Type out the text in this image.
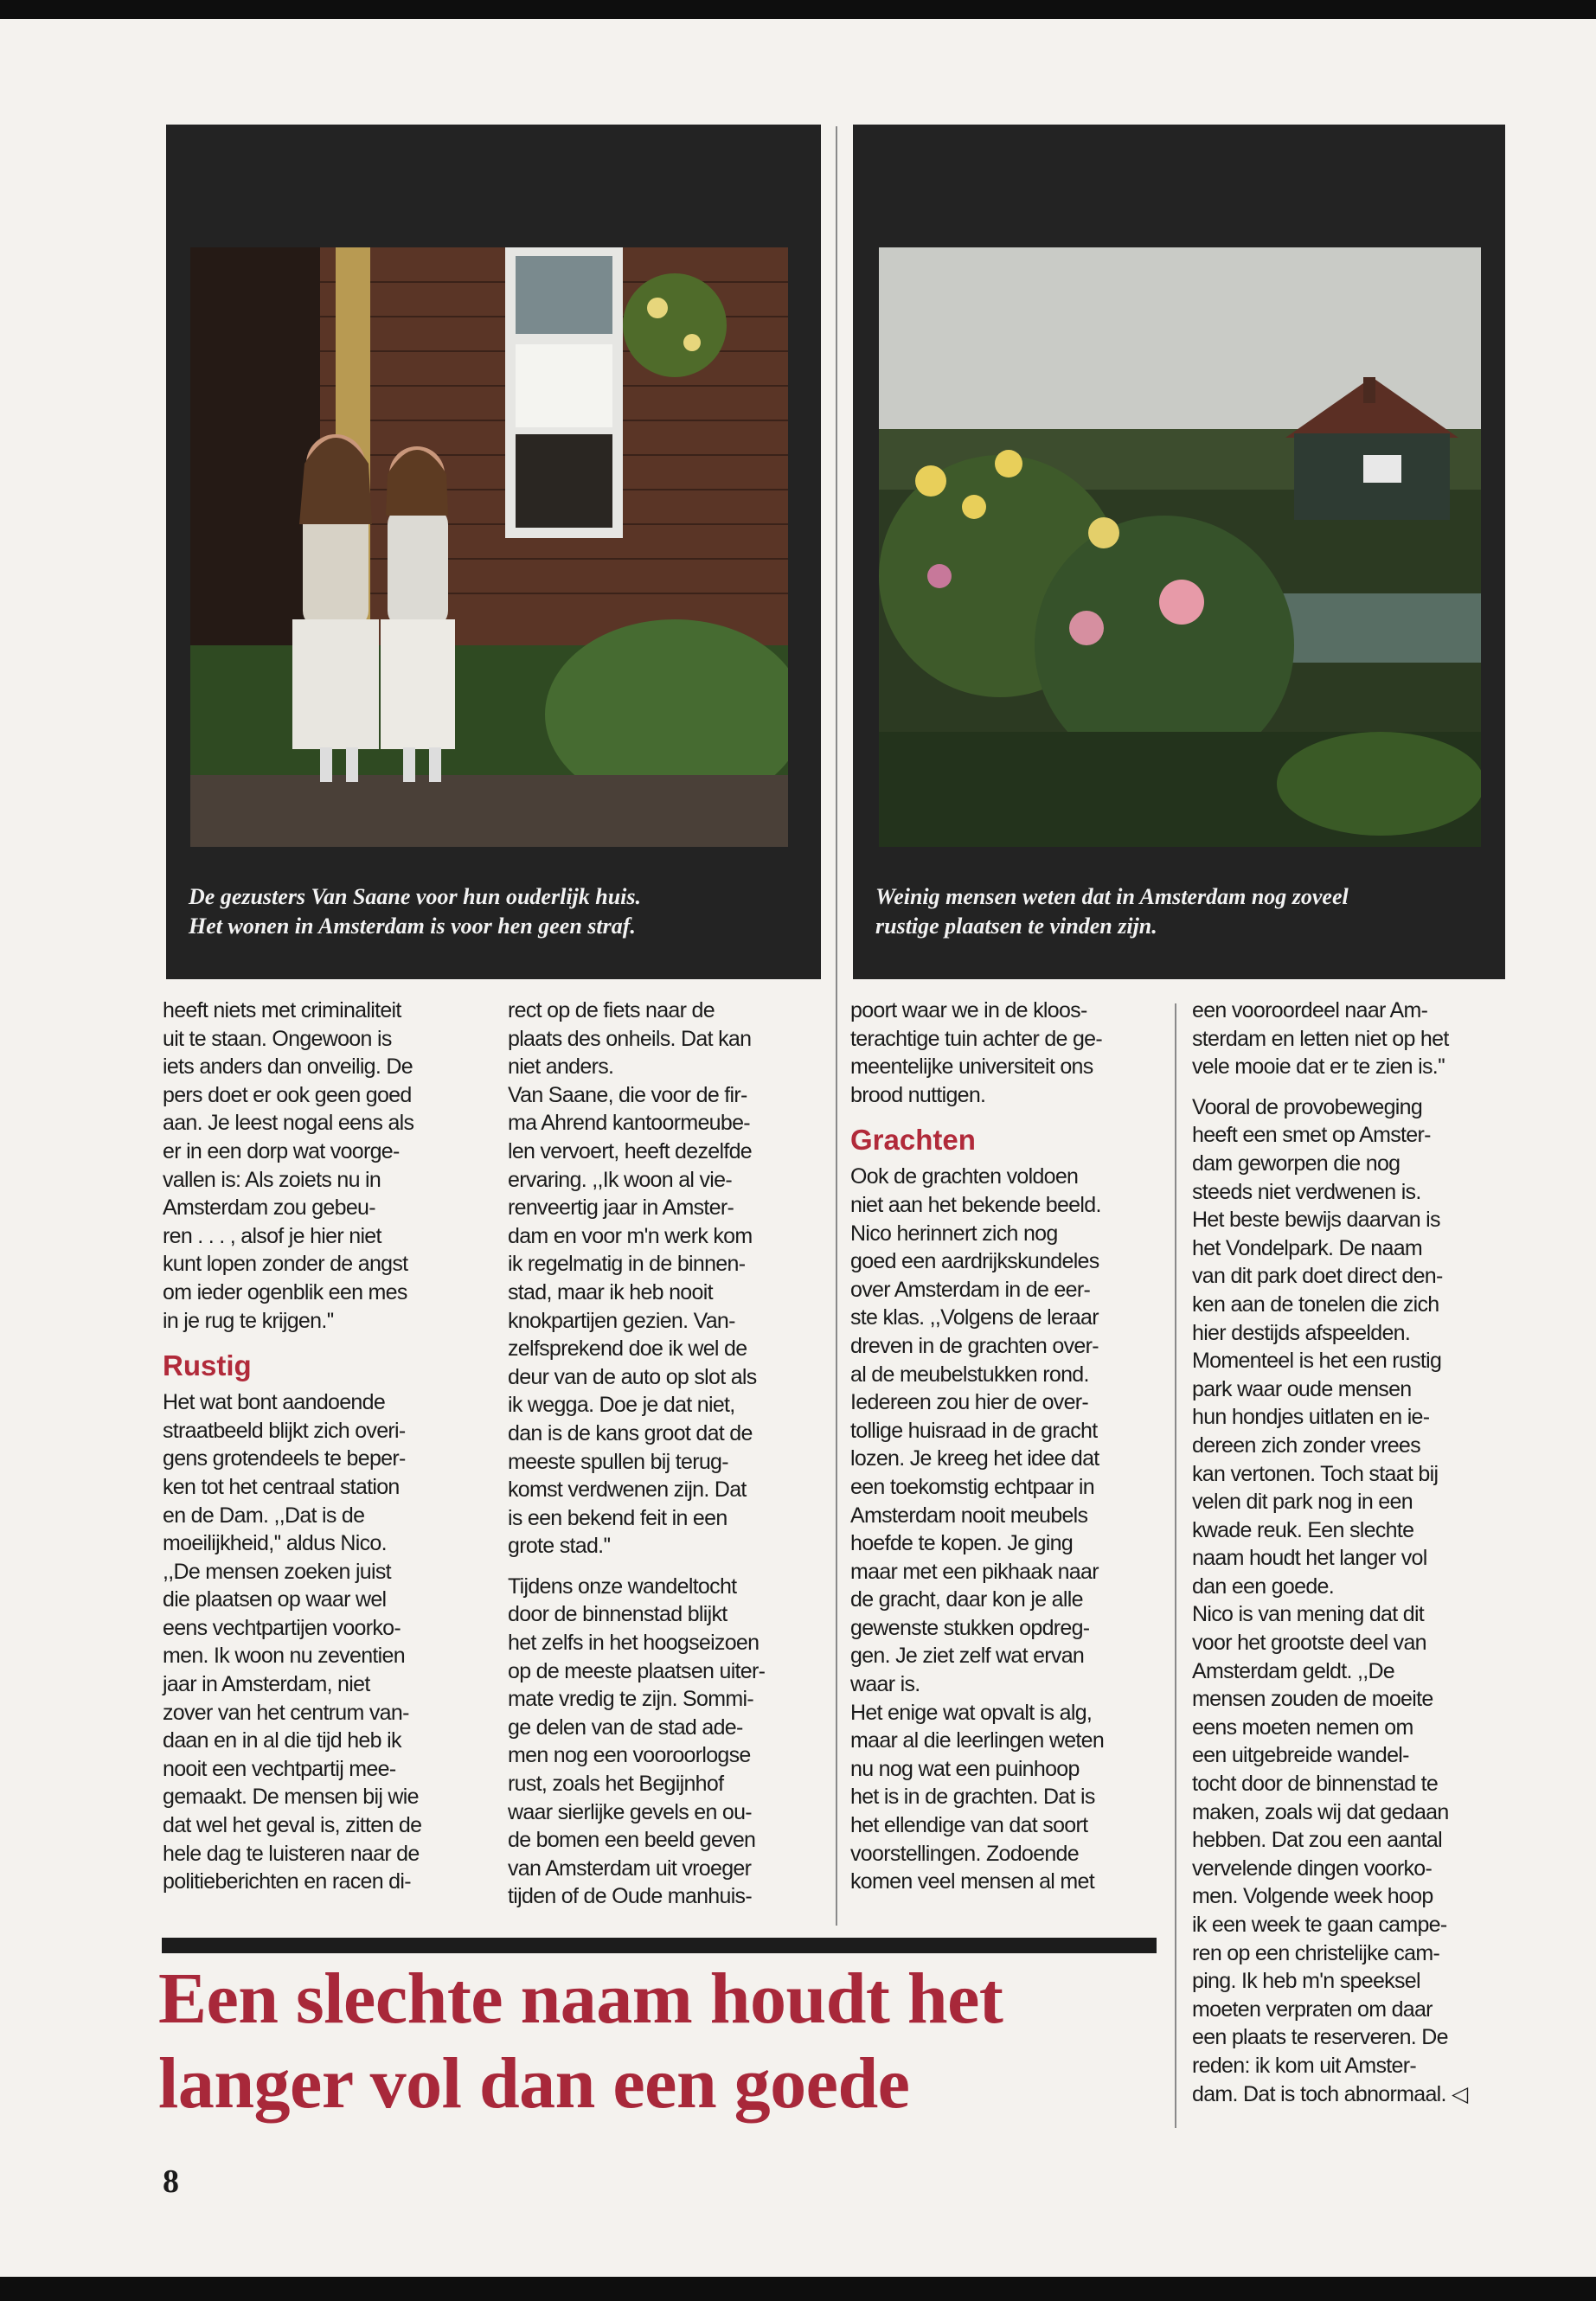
De gezusters Van Saane voor hun ouderlijk huis.
Het wonen in Amsterdam is voor hen geen straf.
Weinig mensen weten dat in Amsterdam nog zoveel
rustige plaatsen te vinden zijn.

heeft niets met criminaliteit
uit te staan. Ongewoon is
iets anders dan onveilig. De
pers doet er ook geen goed
aan. Je leest nogal eens als
er in een dorp wat voorge-
vallen is: Als zoiets nu in
Amsterdam zou gebeu-
ren . . . , alsof je hier niet
kunt lopen zonder de angst
om ieder ogenblik een mes
in je rug te krijgen.''

Rustig

Het wat bont aandoende
straatbeeld blijkt zich overi-
gens grotendeels te beper-
ken tot het centraal station
en de Dam. ,,Dat is de
moeilijkheid,'' aldus Nico.
,,De mensen zoeken juist
die plaatsen op waar wel
eens vechtpartijen voorko-
men. Ik woon nu zeventien
jaar in Amsterdam, niet
zover van het centrum van-
daan en in al die tijd heb ik
nooit een vechtpartij mee-
gemaakt. De mensen bij wie
dat wel het geval is, zitten de
hele dag te luisteren naar de
politieberichten en racen di-

rect op de fiets naar de
plaats des onheils. Dat kan
niet anders.
Van Saane, die voor de fir-
ma Ahrend kantoormeube-
len vervoert, heeft dezelfde
ervaring. ,,Ik woon al vie-
renveertig jaar in Amster-
dam en voor m'n werk kom
ik regelmatig in de binnen-
stad, maar ik heb nooit
knokpartijen gezien. Van-
zelfsprekend doe ik wel de
deur van de auto op slot als
ik wegga. Doe je dat niet,
dan is de kans groot dat de
meeste spullen bij terug-
komst verdwenen zijn. Dat
is een bekend feit in een
grote stad.''

Tijdens onze wandeltocht
door de binnenstad blijkt
het zelfs in het hoogseizoen
op de meeste plaatsen uiter-
mate vredig te zijn. Sommi-
ge delen van de stad ade-
men nog een vooroorlogse
rust, zoals het Begijnhof
waar sierlijke gevels en ou-
de bomen een beeld geven
van Amsterdam uit vroeger
tijden of de Oude manhuis-

poort waar we in de kloos-
terachtige tuin achter de ge-
meentelijke universiteit ons
brood nuttigen.

Grachten

Ook de grachten voldoen
niet aan het bekende beeld.
Nico herinnert zich nog
goed een aardrijkskundeles
over Amsterdam in de eer-
ste klas. ,,Volgens de leraar
dreven in de grachten over-
al de meubelstukken rond.
Iedereen zou hier de over-
tollige huisraad in de gracht
lozen. Je kreeg het idee dat
een toekomstig echtpaar in
Amsterdam nooit meubels
hoefde te kopen. Je ging
maar met een pikhaak naar
de gracht, daar kon je alle
gewenste stukken opdreg-
gen. Je ziet zelf wat ervan
waar is.
Het enige wat opvalt is alg,
maar al die leerlingen weten
nu nog wat een puinhoop
het is in de grachten. Dat is
het ellendige van dat soort
voorstellingen. Zodoende
komen veel mensen al met

een vooroordeel naar Am-
sterdam en letten niet op het
vele mooie dat er te zien is.''

Vooral de provobeweging
heeft een smet op Amster-
dam geworpen die nog
steeds niet verdwenen is.
Het beste bewijs daarvan is
het Vondelpark. De naam
van dit park doet direct den-
ken aan de tonelen die zich
hier destijds afspeelden.
Momenteel is het een rustig
park waar oude mensen
hun hondjes uitlaten en ie-
dereen zich zonder vrees
kan vertonen. Toch staat bij
velen dit park nog in een
kwade reuk. Een slechte
naam houdt het langer vol
dan een goede.
Nico is van mening dat dit
voor het grootste deel van
Amsterdam geldt. ,,De
mensen zouden de moeite
eens moeten nemen om
een uitgebreide wandel-
tocht door de binnenstad te
maken, zoals wij dat gedaan
hebben. Dat zou een aantal
vervelende dingen voorko-
men. Volgende week hoop
ik een week te gaan campe-
ren op een christelijke cam-
ping. Ik heb m'n speeksel
moeten verpraten om daar
een plaats te reserveren. De
reden: ik kom uit Amster-
dam. Dat is toch abnormaal. ◁

Een slechte naam houdt het
langer vol dan een goede
8
